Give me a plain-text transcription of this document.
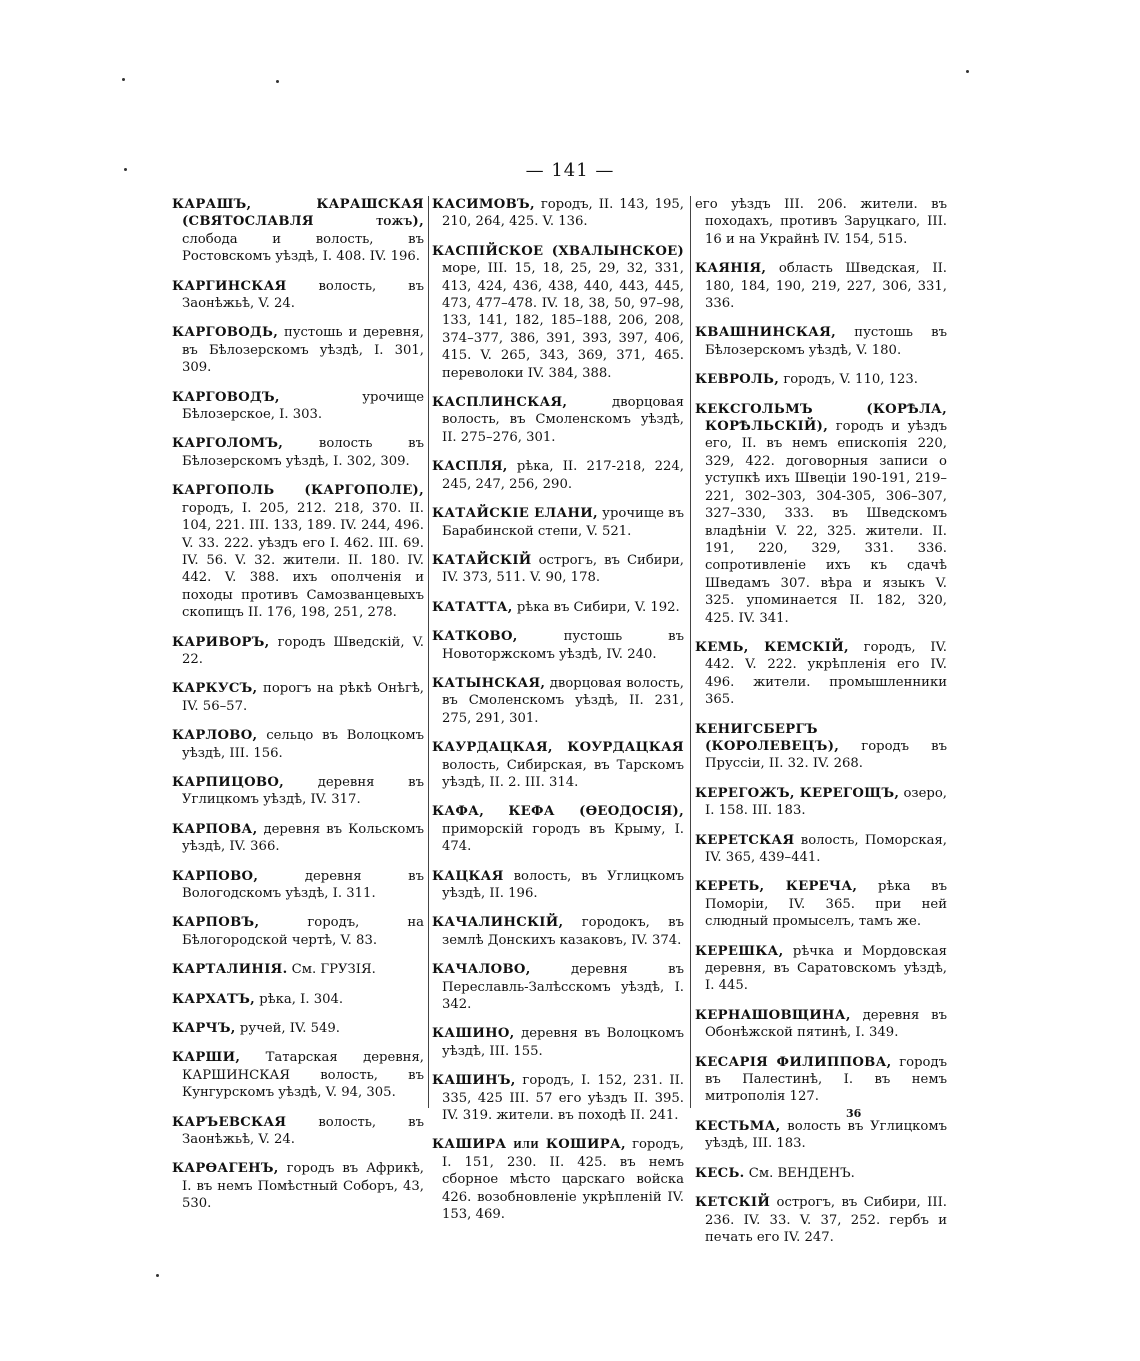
— 141 —
КАРАШЪ, КАРАШСКАЯ (СВЯТОСЛАВЛЯ тожъ), слобода и волость, въ Ростовскомъ уѣздѣ, I. 408. IV. 196.
КАРГИНСКАЯ волость, въ Заонѣжьѣ, V. 24.
КАРГОВОДЬ, пустошь и деревня, въ Бѣлозерскомъ уѣздѣ, I. 301, 309.
КАРГОВОДЪ, урочище Бѣлозерское, I. 303.
КАРГОЛОМЪ, волость въ Бѣлозерскомъ уѣздѣ, I. 302, 309.
КАРГОПОЛЬ (КАРГОПОЛЕ), городъ, I. 205, 212. 218, 370. II. 104, 221. III. 133, 189. IV. 244, 496. V. 33. 222. уѣздъ его I. 462. III. 69. IV. 56. V. 32. жители. II. 180. IV. 442. V. 388. ихъ ополченія и походы противъ Самозванцевыхъ скопищъ II. 176, 198, 251, 278.
КАРИВОРЪ, городъ Шведскій, V. 22.
КАРКУСЪ, порогъ на рѣкѣ Онѣгѣ, IV. 56–57.
КАРЛОВО, сельцо въ Волоцкомъ уѣздѣ, III. 156.
КАРПИЦОВО, деревня въ Углицкомъ уѣздѣ, IV. 317.
КАРПОВА, деревня въ Кольскомъ уѣздѣ, IV. 366.
КАРПОВО, деревня въ Вологодскомъ уѣздѣ, I. 311.
КАРПОВЪ, городъ, на Бѣлогородской чертѣ, V. 83.
КАРТАЛИНІЯ. См. ГРУЗІЯ.
КАРХАТЪ, рѣка, I. 304.
КАРЧЪ, ручей, IV. 549.
КАРШИ, Татарская деревня, КАРШИНСКАЯ волость, въ Кунгурскомъ уѣздѣ, V. 94, 305.
КАРЪЕВСКАЯ волость, въ Заонѣжьѣ, V. 24.
КАРѲАГЕНЪ, городъ въ Африкѣ, I. въ немъ Помѣстный Соборъ, 43, 530.
КАСИМОВЪ, городъ, II. 143, 195, 210, 264, 425. V. 136.
КАСПІЙСКОЕ (ХВАЛЫНСКОЕ) море, III. 15, 18, 25, 29, 32, 331, 413, 424, 436, 438, 440, 443, 445, 473, 477–478. IV. 18, 38, 50, 97–98, 133, 141, 182, 185–188, 206, 208, 374–377, 386, 391, 393, 397, 406, 415. V. 265, 343, 369, 371, 465. переволоки IV. 384, 388.
КАСПЛИНСКАЯ, дворцовая волость, въ Смоленскомъ уѣздѣ, II. 275–276, 301.
КАСПЛЯ, рѣка, II. 217-218, 224, 245, 247, 256, 290.
КАТАЙСКІЕ ЕЛАНИ, урочище въ Барабинской степи, V. 521.
КАТАЙСКІЙ острогъ, въ Сибири, IV. 373, 511. V. 90, 178.
КАТАТТА, рѣка въ Сибири, V. 192.
КАТКОВО, пустошь въ Новоторжскомъ уѣздѣ, IV. 240.
КАТЫНСКАЯ, дворцовая волость, въ Смоленскомъ уѣздѣ, II. 231, 275, 291, 301.
КАУРДАЦКАЯ, КОУРДАЦКАЯ волость, Сибирская, въ Тарскомъ уѣздѣ, II. 2. III. 314.
КАФА, КЕФА (ѲЕОДОСІЯ), приморскій городъ въ Крыму, I. 474.
КАЦКАЯ волость, въ Углицкомъ уѣздѣ, II. 196.
КАЧАЛИНСКІЙ, городокъ, въ землѣ Донскихъ казаковъ, IV. 374.
КАЧАЛОВО, деревня въ Переславль-Залѣсскомъ уѣздѣ, I. 342.
КАШИНО, деревня въ Волоцкомъ уѣздѣ, III. 155.
КАШИНЪ, городъ, I. 152, 231. II. 335, 425 III. 57 его уѣздъ II. 395. IV. 319. жители. въ походѣ II. 241.
КАШИРА или КОШИРА, городъ, I. 151, 230. II. 425. въ немъ сборное мѣсто царскаго войска 426. возобновленіе укрѣпленій IV. 153, 469.
его уѣздъ III. 206. жители. въ походахъ, противъ Заруцкаго, III. 16 и на Украйнѣ IV. 154, 515.
КАЯНІЯ, область Шведская, II. 180, 184, 190, 219, 227, 306, 331, 336.
КВАШНИНСКАЯ, пустошь въ Бѣлозерскомъ уѣздѣ, V. 180.
КЕВРОЛЬ, городъ, V. 110, 123.
КЕКСГОЛЬМЪ (КОРѢЛА, КОРѢЛЬСКІЙ), городъ и уѣздъ его, II. въ немъ епископія 220, 329, 422. договорныя записи о уступкѣ ихъ Швеціи 190-191, 219–221, 302–303, 304-305, 306–307, 327–330, 333. въ Шведскомъ владѣніи V. 22, 325. жители. II. 191, 220, 329, 331. 336. сопротивленіе ихъ къ сдачѣ Шведамъ 307. вѣра и языкъ V. 325. упоминается II. 182, 320, 425. IV. 341.
КЕМЬ, КЕМСКІЙ, городъ, IV. 442. V. 222. укрѣпленія его IV. 496. жители. промышленники 365.
КЕНИГСБЕРГЪ (КОРОЛЕВЕЦЪ), городъ въ Пруссіи, II. 32. IV. 268.
КЕРЕГОЖЪ, КЕРЕГОЩЪ, озеро, I. 158. III. 183.
КЕРЕТСКАЯ волость, Поморская, IV. 365, 439–441.
КЕРЕТЬ, КЕРЕЧА, рѣка въ Поморіи, IV. 365. при ней слюдный промыселъ, тамъ же.
КЕРЕШКА, рѣчка и Мордовская деревня, въ Саратовскомъ уѣздѣ, I. 445.
КЕРНАШОВЩИНА, деревня въ Обонѣжской пятинѣ, I. 349.
КЕСАРІЯ ФИЛИППОВА, городъ въ Палестинѣ, I. въ немъ митрополія 127.
КЕСТЬМА, волость въ Углицкомъ уѣздѣ, III. 183.
КЕСЬ. См. ВЕНДЕНЪ.
КЕТСКІЙ острогъ, въ Сибири, III. 236. IV. 33. V. 37, 252. гербъ и печать его IV. 247.
36
